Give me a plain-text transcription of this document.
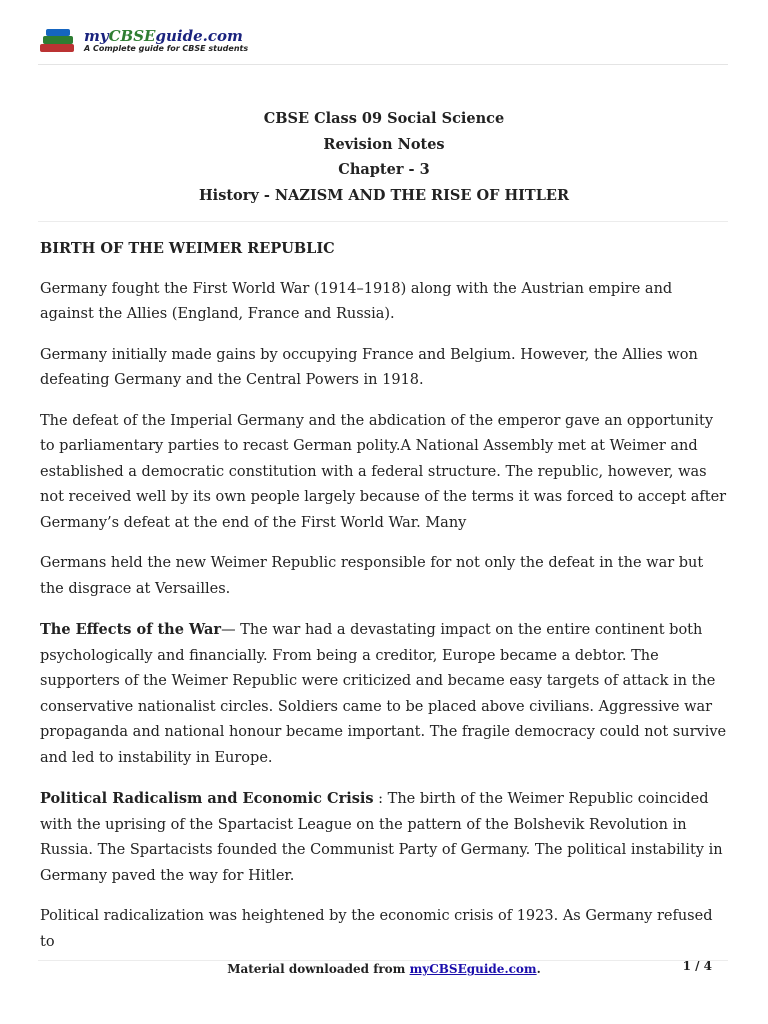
myCBSEguide.com
A Complete guide for CBSE students
CBSE Class 09 Social Science
Revision Notes
Chapter - 3
History - NAZISM AND THE RISE OF HITLER
BIRTH OF THE WEIMER REPUBLIC

Germany fought the First World War (1914–1918) along with the Austrian empire and against the Allies (England, France and Russia).

Germany initially made gains by occupying France and Belgium. However, the Allies won defeating Germany and the Central Powers in 1918.

The defeat of the Imperial Germany and the abdication of the emperor gave an opportunity to parliamentary parties to recast German polity.A National Assembly met at Weimer and established a democratic constitution with a federal structure. The republic, however, was not received well by its own people largely because of the terms it was forced to accept after Germany’s defeat at the end of the First World War. Many

Germans held the new Weimer Republic responsible for not only the defeat in the war but the disgrace at Versailles.

The Effects of the War— The war had a devastating impact on the entire continent both psychologically and financially. From being a creditor, Europe became a debtor. The supporters of the Weimer Republic were criticized and became easy targets of attack in the conservative nationalist circles. Soldiers came to be placed above civilians. Aggressive war propaganda and national honour became important. The fragile democracy could not survive and led to instability in Europe.

Political Radicalism and Economic Crisis : The birth of the Weimer Republic coincided with the uprising of the Spartacist League on the pattern of the Bolshevik Revolution in Russia. The Spartacists founded the Communist Party of Germany. The political instability in Germany paved the way for Hitler.

Political radicalization was heightened by the economic crisis of 1923. As Germany refused to

Material downloaded from myCBSEguide.com.	1 / 4
